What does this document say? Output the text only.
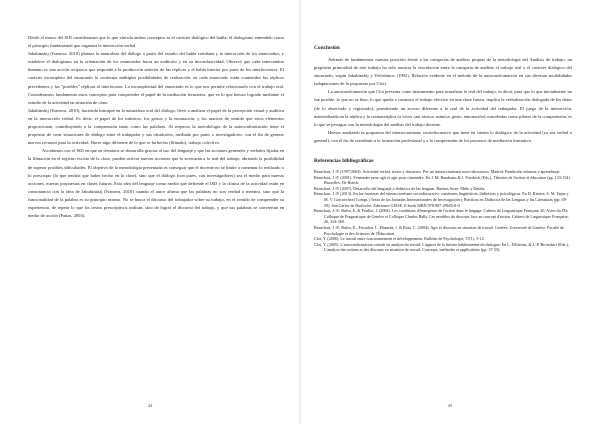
Desde el marco del ISD consideramos que lo que vincula ambos conceptos es el carácter dialógico del habla: el dialogismo entendido como el principio fundamental que organiza la interacción verbal.

Jakubinskij (Ivanova, 2010) plantea la naturaleza del diálogo a partir del estudio del habla cotidiana y la interacción de los enunciados, y establece el dialogismo en la orientación de los enunciados hacia un auditorio y en su inconclusividad. Observó que cada intercambio humano es una acción recíproca que responde a la producción anterior de las réplicas y el habla interior por parte de los interlocutores. El carácter incompleto del enunciado lo conforma múltiples posibilidades de realización, en cada enunciado están contenidos las réplicas precedentes y las "posibles" réplicas al interlocutor. La incompletitud del enunciado es lo que nos permite relacionarlo con el trabajo real. Consideramos fundamenta estos conceptos para comprender el papel de la mediación formativa, que es lo que hemos logrado mediante el estudio de la actividad en situación de clase.

Jakubinskij (Ivanova, 2010), haciendo hincapié en la naturaleza oral del diálogo, llevó a analizar el papel de la percepción visual y auditiva en la interacción verbal. Es decir, el papel de los mímicos, los gestos y la entonación, y los matices de sentido que estos elementos proporcionan, contribuyendo a la comprensión tanto como las palabras. Al respecto la metodología de la autoconfrontación tiene el propósito de crear situaciones de diálogo entre el trabajador y sus obstáculos, mediado por pares o investigadores, con el fin de generar nuevos recursos para la actividad. Hacer algo diferente de lo que se ha hecho (filmado), trabajo colectivo.

Acordamos con el ISD en que en términos se desarrolla gracias al uso del lenguaje y que las acciones generales y verbales fijadas en la filmación en el registro escrito de la clase, pueden activar nuevas acciones que lo acercarán a lo real del trabajo, abriendo la posibilidad de superar posibles dificultades. El objetivo de la metodología presentada es conseguir que el docente no se limite a comentar lo realizado o lo prescripto (lo que tendría que haber hecho en la clase), sino que el diálogo (con pares, con investigadores) sea el medio para nuevas acciones, nuevas propuestas en clases futuras. Esta idea del lenguaje como medio que defiende el ISD y la clínica de la actividad están en consonancia con la idea de Jakubinskij (Ivanova, 2010) cuando el autor afirma que las palabras no son verdad o mentira, sino que la funcionalidad de la palabra es su principio mismo. No se busca el discurso del trabajador sobre su trabajo, en el sentido de comprender su experiencia, de repetir lo que los textos prescriptivos indican, sino de lograr el discurso del trabajo, y que sus palabras se conviertan en medio de acción (Faïtas, 2003).

44
Conclusión

Además de fundamentar nuestra posición frente a las categorías de análisis propias de la metodología del Análisis de trabajo, un propósito primordial de este trabajo ha sido mostrar la vinculación entre la categoría de análisis el trabajo real y el carácter dialógico del enunciado, según Jakubinskij y Volóshinov (1992). Relación evidente en el método de la autoconfrontación en sus diversas modalidades (adaptaciones de lo propuesto por Clot).

La autoconfrontación que Clot presenta como instrumento para actualizar lo real del trabajo, es decir, para que lo que inicialmente no fue posible, lo que no se hizo, lo que queda a construir el trabajo efectivo en una clase futura, implica la verbalización dialogada de los datos (de lo observado y registrado), permitiendo un acceso diferente a lo real de la actividad del trabajador. El juego de la interacción, materializada en la réplica y la contrarréplica (a veces casi táctica: mímica, gesto, entonación) concebidas como pilares de la comprensión, es lo que se persigue con la metodología del análisis del trabajo docente.

Hemos analizado la propuesta del interaccionismo sociodiscursivo que tiene en cuenta lo dialógico de la actividad (ya sea verbal o general), con el fin de contribuir a la formación profesional y a la comprensión de los procesos de mediación formativa.

Referencias bibliográficas

Bronckart, J.-P. (1997/2004). Actividad verbal, textos y discursos. Por un interaccionismo socio-discursivo. Madrid: Fundación infancia y aprendizaje.

Bronckart, J.-P. (2001). S'entendre pour agir et agir pour s'entendre. En J. M. Baudouin & J. Friedrich (Eds.), Théories de l'action et éducation (pp. 133-154). Bruxelles: De Boeck.

Bronckart, J.-P. (2007). Desarrollo del lenguaje y didáctica de las lenguas. Buenos Aires: Miño y Dávila.

Bronckart, J.-P. (2013). En las fronteras del interaccionismo sociodiscursivo: cuestiones lingüísticas, didácticas y psicológicas. En D. Riestra, S. M. Tapia y M. V. Goicoechea (Comps.) Texto de las Jornadas Internacionales de Investigación y Prácticas en Didáctica de las Lenguas y las Literaturas (pp. 39-59). San Carlos de Bariloche: Ediciones GEISE. E-book ISBN 978-987-29605-0-0

Bronckart, J.-P., Bulea, E. & Pouliot, I. (2004). Les conditions d'émergence de l'action dans le langage. Cahiers de Linguistique Française 26. Actes du IXe Colloque de Pragmatique de Genève et Colloque Charles Bally. Les modèles du discours face au concept d'action. Cahiers de Linguistique Française, 26, 354-369.

Bronckart, J.-P., Bulea, E., Fristalon, I., Plazaola, I. & Bota, C. (2004). Agir et discours en situation de travail. Genève: Université de Genève. Faculté de Psychologie et des Sciences de l'Éducation.

Clot, Y. (2006). Le travail entre fonctionnement et développement. Bulletin de Psychologie, 57(1), 5-12.

Clot, Y. (2005). L'autoconfrontation croisée en analyse du travail: L'apport de la théorie bakhtinienne du dialogue. En L. Filliettaz, & J.-P. Bronckart (Eds.), L'analyse des actions et des discours en situation de travail. Concepts, méthodes et applications (pp. 37-55).

45
